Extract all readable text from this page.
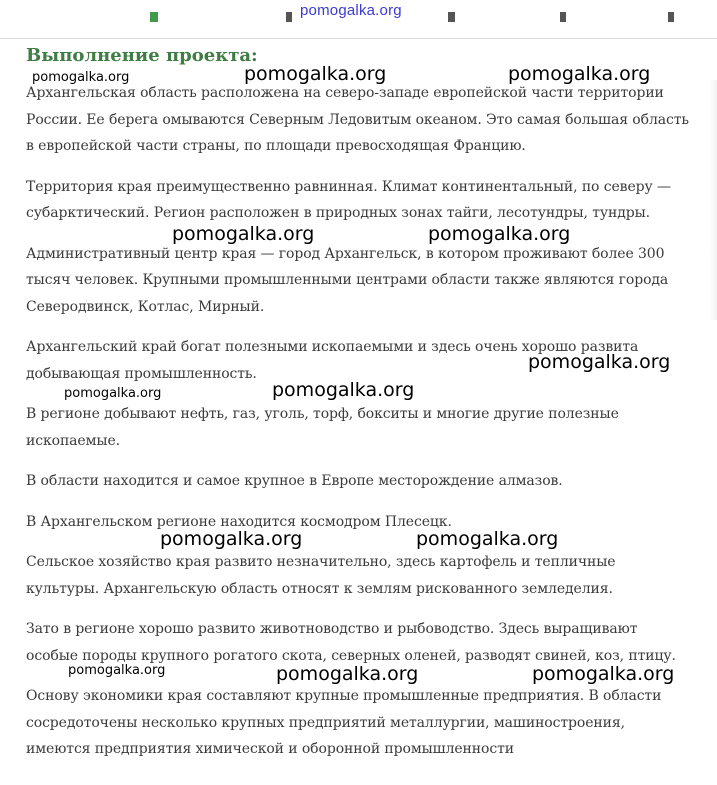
pomogalka.org
Выполнение проекта:

Архангельская область расположена на северо-западе европейской части территории России. Ее берега омываются Северным Ледовитым океаном. Это самая большая область в европейской части страны, по площади превосходящая Францию.

Территория края преимущественно равнинная. Климат континентальный, по северу — субарктический. Регион расположен в природных зонах тайги, лесотундры, тундры.

Административный центр края — город Архангельск, в котором проживают более 300 тысяч человек. Крупными промышленными центрами области также являются города Северодвинск, Котлас, Мирный.

Архангельский край богат полезными ископаемыми и здесь очень хорошо развита добывающая промышленность.

В регионе добывают нефть, газ, уголь, торф, бокситы и многие другие полезные ископаемые.

В области находится и самое крупное в Европе месторождение алмазов.

В Архангельском регионе находится космодром Плесецк.

Сельское хозяйство края развито незначительно, здесь картофель и тепличные культуры. Архангельскую область относят к землям рискованного земледелия.

Зато в регионе хорошо развито животноводство и рыбоводство. Здесь выращивают особые породы крупного рогатого скота, северных оленей, разводят свиней, коз, птицу.

Основу экономики края составляют крупные промышленные предприятия. В области сосредоточены несколько крупных предприятий металлургии, машиностроения, имеются предприятия химической и оборонной промышленности

pomogalka.org	pomogalka.org	pomogalka.org
pomogalka.org	pomogalka.org
pomogalka.org
pomogalka.org	pomogalka.org
pomogalka.org	pomogalka.org
pomogalka.org	pomogalka.org	pomogalka.org
